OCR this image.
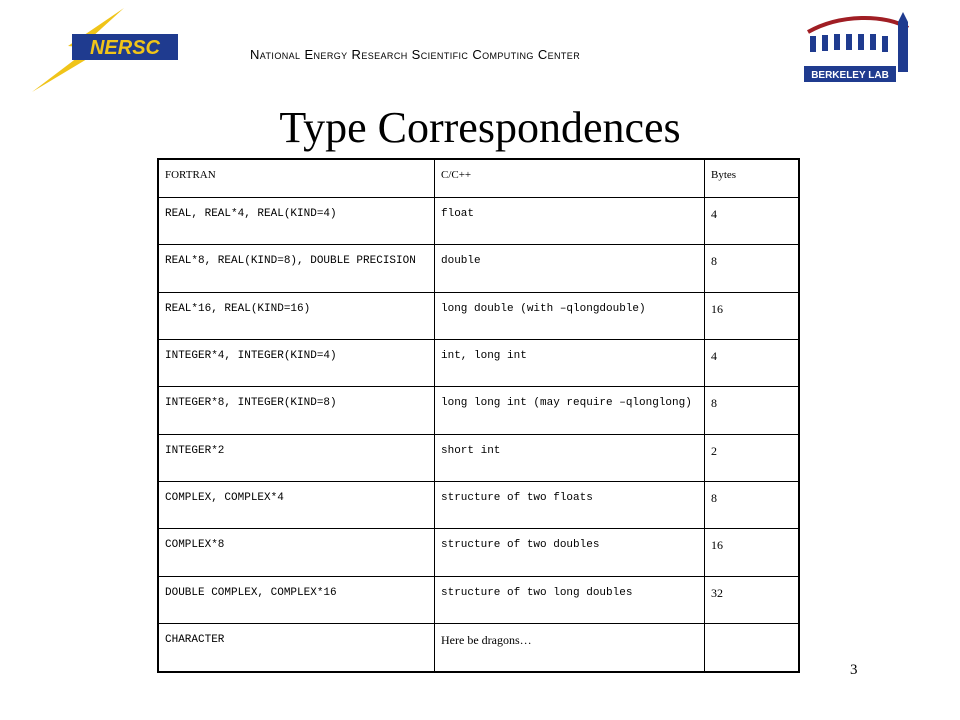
NERSC	National Energy Research Scientific Computing Center
BERKELEY LAB
Type Correspondences
FORTRAN	C/C++	Bytes
REAL, REAL*4, REAL(KIND=4)	float	4
REAL*8, REAL(KIND=8), DOUBLE PRECISION	double	8
REAL*16, REAL(KIND=16)	long double (with –qlongdouble)	16
INTEGER*4, INTEGER(KIND=4)	int, long int	4
INTEGER*8, INTEGER(KIND=8)	long long int (may require –qlonglong)	8
INTEGER*2	short int	2
COMPLEX, COMPLEX*4	structure of two floats	8
COMPLEX*8	structure of two doubles	16
DOUBLE COMPLEX, COMPLEX*16	structure of two long doubles	32
CHARACTER	Here be dragons…	
3
